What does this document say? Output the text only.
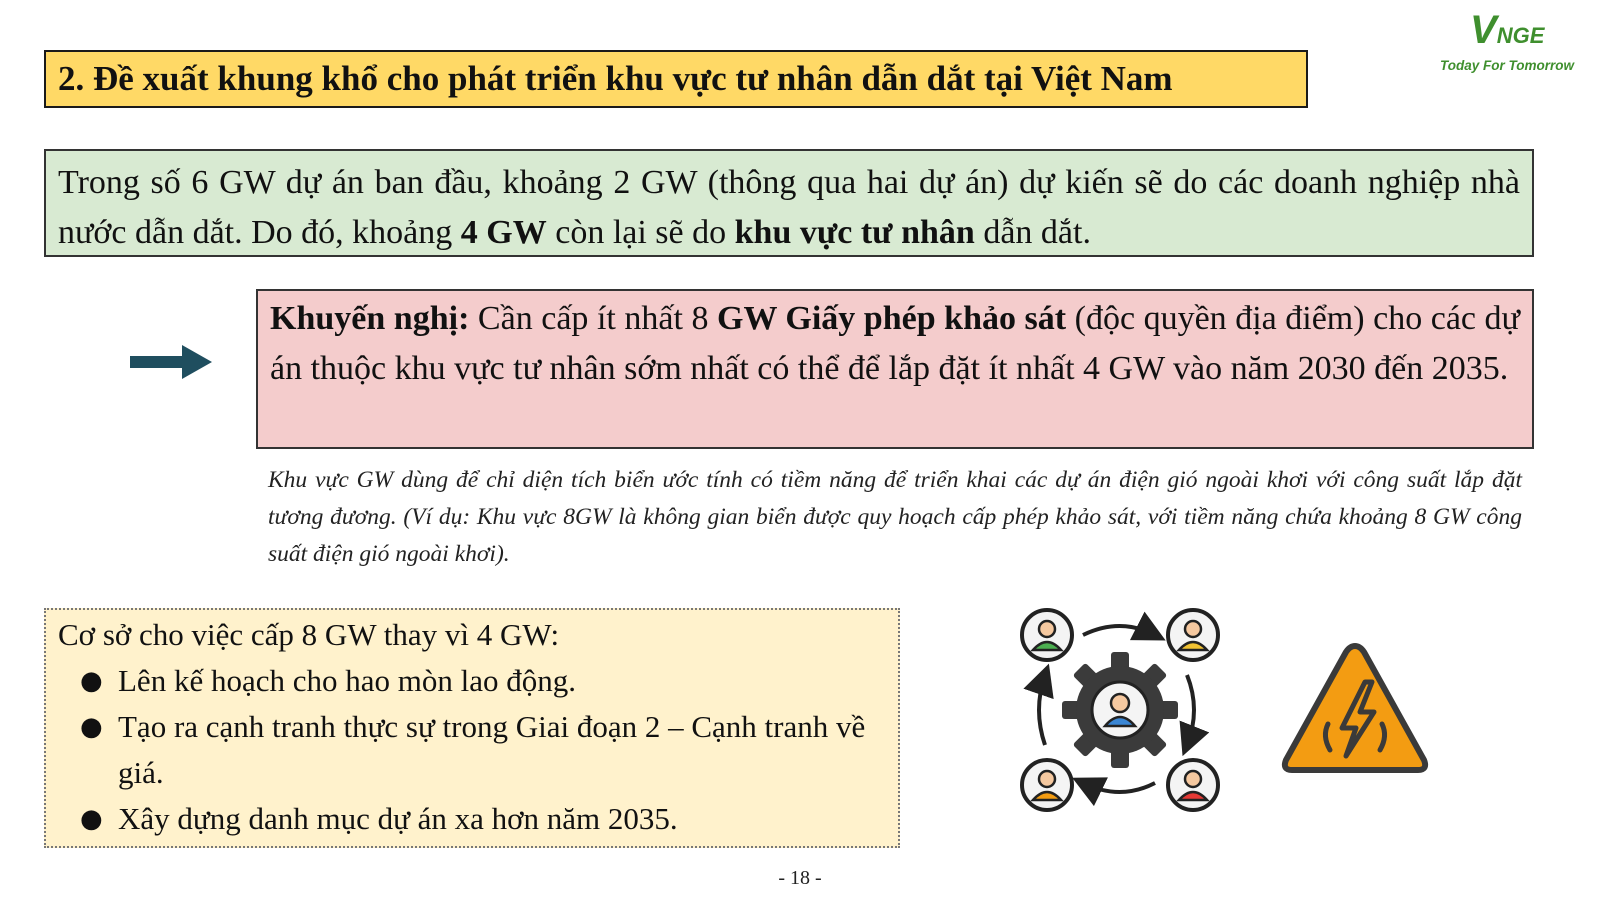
2. Đề xuất khung khổ cho phát triển khu vực tư nhân dẫn dắt tại Việt Nam
VNGE
Today For Tomorrow
Trong số 6 GW dự án ban đầu, khoảng 2 GW (thông qua hai dự án) dự kiến sẽ do các doanh nghiệp nhà nước dẫn dắt. Do đó, khoảng 4 GW còn lại sẽ do khu vực tư nhân dẫn dắt.
Khuyến nghị: Cần cấp ít nhất 8 GW Giấy phép khảo sát (độc quyền địa điểm) cho các dự án thuộc khu vực tư nhân sớm nhất có thể để lắp đặt ít nhất 4 GW vào năm 2030 đến 2035.
Khu vực GW dùng để chỉ diện tích biển ước tính có tiềm năng để triển khai các dự án điện gió ngoài khơi với công suất lắp đặt tương đương. (Ví dụ: Khu vực 8GW là không gian biển được quy hoạch cấp phép khảo sát, với tiềm năng chứa khoảng 8 GW công suất điện gió ngoài khơi).
Cơ sở cho việc cấp 8 GW thay vì 4 GW:
● Lên kế hoạch cho hao mòn lao động.
● Tạo ra cạnh tranh thực sự trong Giai đoạn 2 – Cạnh tranh về giá.
● Xây dựng danh mục dự án xa hơn năm 2035.
- 18 -
